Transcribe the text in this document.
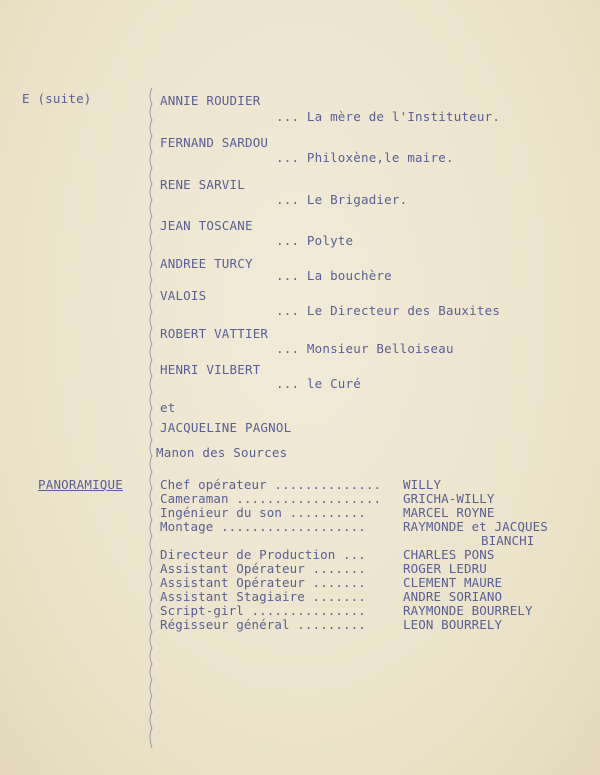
E (suite)	ANNIE ROUDIER
... La mère de l'Instituteur.
FERNAND SARDOU
... Philoxène,le maire.
RENE SARVIL
... Le Brigadier.
JEAN TOSCANE
... Polyte
ANDREE TURCY
... La bouchère
VALOIS
... Le Directeur des Bauxites
ROBERT VATTIER
... Monsieur Belloiseau
HENRI VILBERT
... le Curé
et
JACQUELINE PAGNOL
Manon des Sources
PANORAMIQUE	Chef opérateur .............. WILLY
Cameraman ................... GRICHA-WILLY
Ingénieur du son ..........	MARCEL ROYNE
Montage ...................	RAYMONDE et JACQUES
BIANCHI
Directeur de Production ...	CHARLES PONS
Assistant Opérateur .......	ROGER LEDRU
Assistant Opérateur .......	CLEMENT MAURE
Assistant Stagiaire .......	ANDRE SORIANO
Script-girl ...............	RAYMONDE BOURRELY
Régisseur général .........	LEON BOURRELY
